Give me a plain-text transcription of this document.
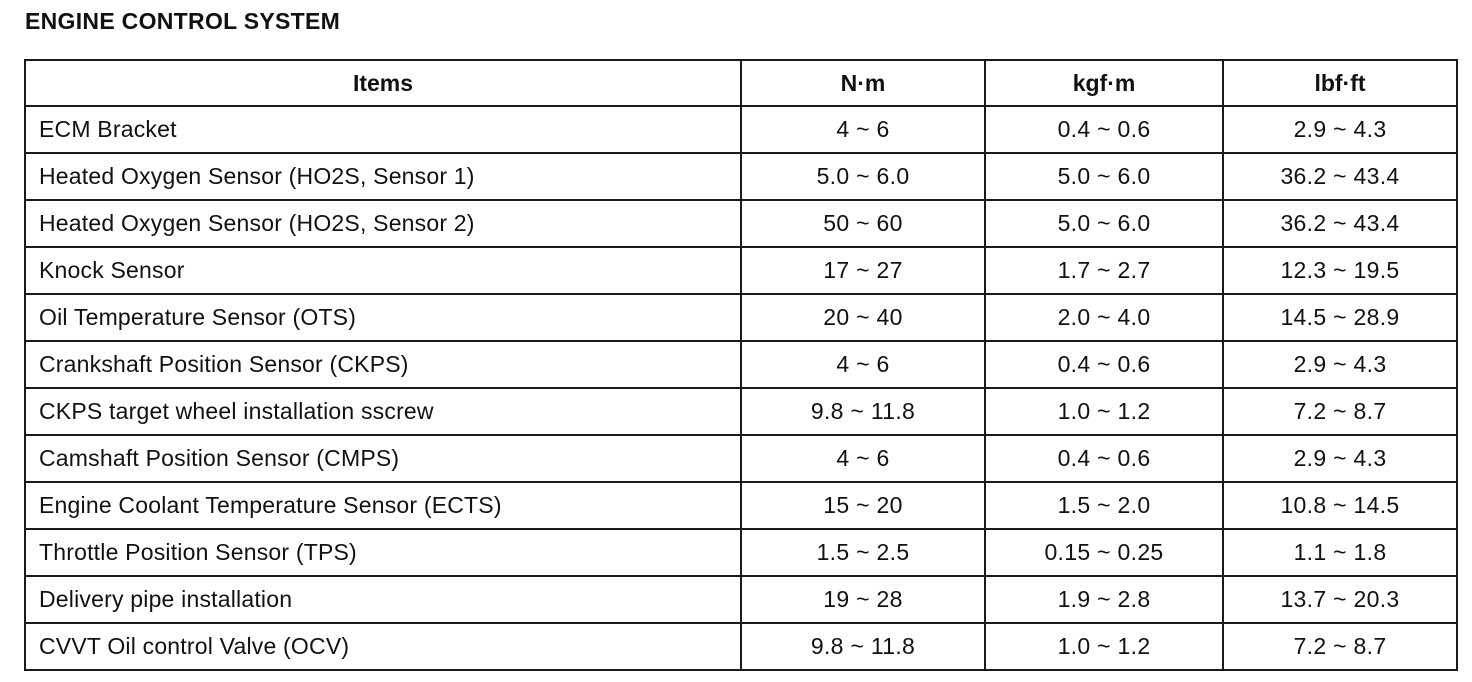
ENGINE CONTROL SYSTEM
Items	N·m	kgf·m	lbf·ft
ECM Bracket	4 ~ 6	0.4 ~ 0.6	2.9 ~ 4.3
Heated Oxygen Sensor (HO2S, Sensor 1)	5.0 ~ 6.0	5.0 ~ 6.0	36.2 ~ 43.4
Heated Oxygen Sensor (HO2S, Sensor 2)	50 ~ 60	5.0 ~ 6.0	36.2 ~ 43.4
Knock Sensor	17 ~ 27	1.7 ~ 2.7	12.3 ~ 19.5
Oil Temperature Sensor (OTS)	20 ~ 40	2.0 ~ 4.0	14.5 ~ 28.9
Crankshaft Position Sensor (CKPS)	4 ~ 6	0.4 ~ 0.6	2.9 ~ 4.3
CKPS target wheel installation sscrew	9.8 ~ 11.8	1.0 ~ 1.2	7.2 ~ 8.7
Camshaft Position Sensor (CMPS)	4 ~ 6	0.4 ~ 0.6	2.9 ~ 4.3
Engine Coolant Temperature Sensor (ECTS)	15 ~ 20	1.5 ~ 2.0	10.8 ~ 14.5
Throttle Position Sensor (TPS)	1.5 ~ 2.5	0.15 ~ 0.25	1.1 ~ 1.8
Delivery pipe installation	19 ~ 28	1.9 ~ 2.8	13.7 ~ 20.3
CVVT Oil control Valve (OCV)	9.8 ~ 11.8	1.0 ~ 1.2	7.2 ~ 8.7
